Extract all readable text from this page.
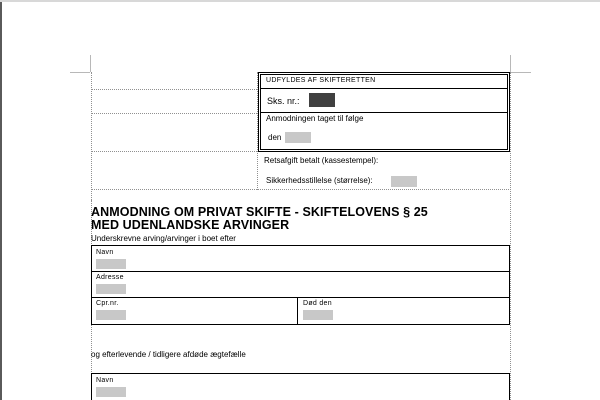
UDFYLDES AF SKIFTERETTEN
Sks. nr.:
Anmodningen taget til følge
den
Retsafgift betalt (kassestempel):
Sikkerhedsstillelse (størrelse):
ANMODNING OM PRIVAT SKIFTE - SKIFTELOVENS § 25
MED UDENLANDSKE ARVINGER
Underskrevne arving/arvinger i boet efter
Navn
Adresse
Cpr.nr.	Død den
og efterlevende / tidligere afdøde ægtefælle
Navn
